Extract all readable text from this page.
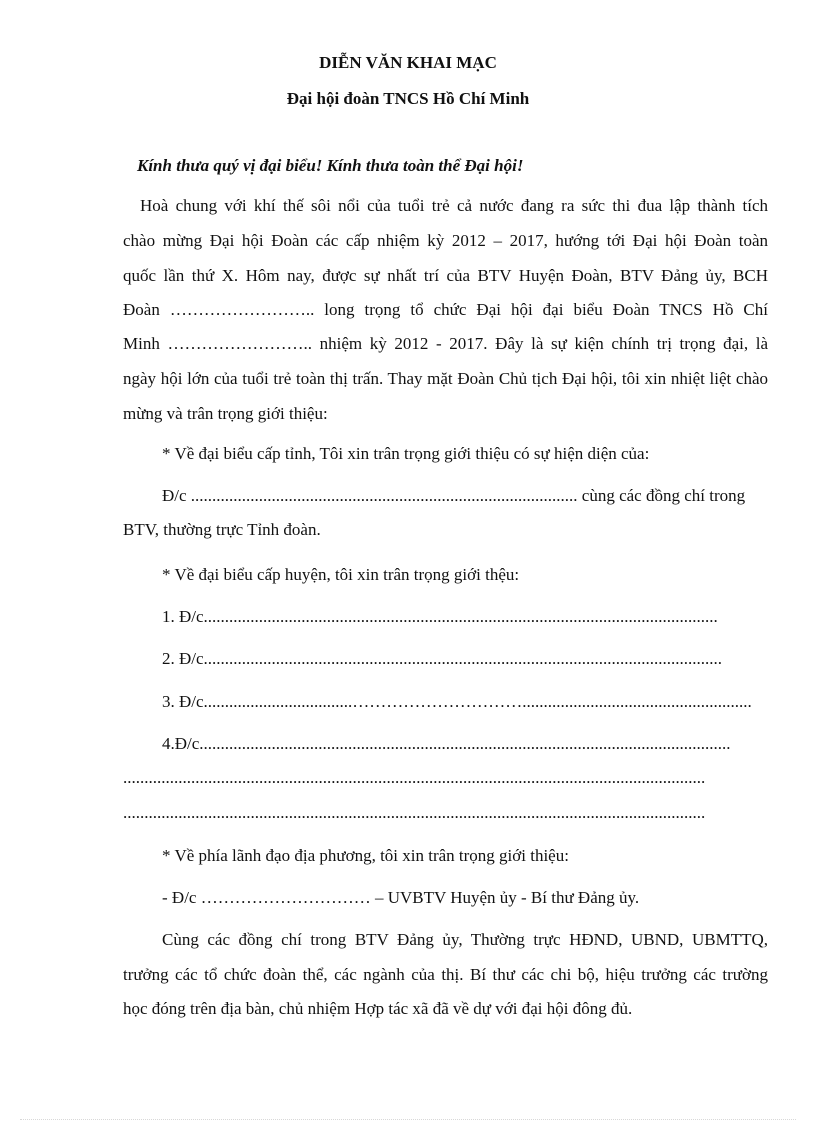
DIỄN VĂN KHAI MẠC
Đại hội đoàn TNCS Hồ Chí Minh
Kính thưa quý vị đại biểu! Kính thưa toàn thể Đại hội!
Hoà chung với khí thế sôi nổi của tuổi trẻ cả nước đang ra sức thi đua lập thành tích
chào mừng Đại hội Đoàn các cấp nhiệm kỳ 2012 – 2017, hướng tới Đại hội Đoàn toàn
quốc lần thứ X. Hôm nay, được sự nhất trí của BTV Huyện Đoàn, BTV Đảng ủy, BCH
Đoàn …………………….. long trọng tổ chức Đại hội đại biểu Đoàn TNCS Hồ Chí
Minh …………………….. nhiệm kỳ 2012 - 2017. Đây là sự kiện chính trị trọng đại, là
ngày hội lớn của tuổi trẻ toàn thị trấn. Thay mặt Đoàn Chủ tịch Đại hội, tôi xin nhiệt liệt chào
mừng và trân trọng giới thiệu:
* Về đại biểu cấp tỉnh, Tôi xin trân trọng giới thiệu có sự hiện diện của:
Đ/c ........................................................................................... cùng các đồng chí trong
BTV, thường trực Tỉnh đoàn.
* Về đại biểu cấp huyện, tôi xin trân trọng giới thệu:
1. Đ/c.........................................................................................................................
2. Đ/c..........................................................................................................................
3. Đ/c...................................…………………………......................................................
4.Đ/c.............................................................................................................................
.........................................................................................................................................
.........................................................................................................................................
* Về phía lãnh đạo địa phương, tôi xin trân trọng giới thiệu:
- Đ/c ………………………… – UVBTV Huyện ủy - Bí thư Đảng ủy.
Cùng các đồng chí trong BTV Đảng ủy, Thường trực HĐND, UBND, UBMTTQ,
trưởng các tổ chức đoàn thể, các ngành của thị. Bí thư các chi bộ, hiệu trưởng các trường
học đóng trên địa bàn, chủ nhiệm Hợp tác xã đã về dự với đại hội đông đủ.
